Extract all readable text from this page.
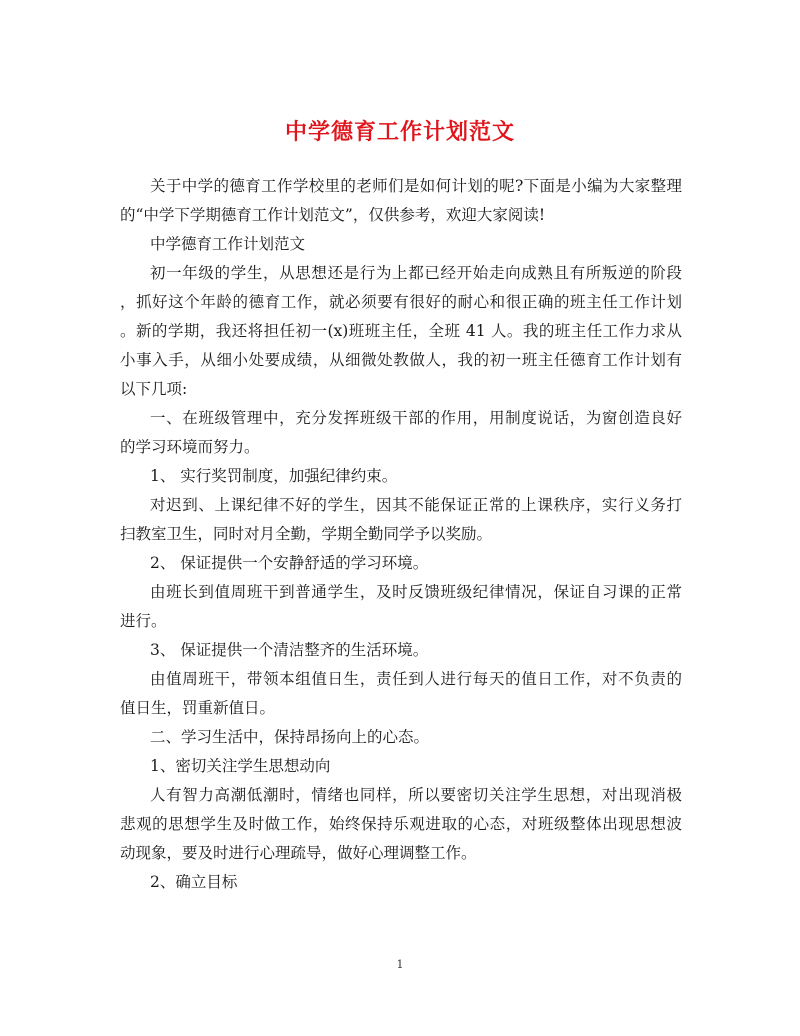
中学德育工作计划范文
关于中学的德育工作学校里的老师们是如何计划的呢?下面是小编为大家整理
的“中学下学期德育工作计划范文”，仅供参考，欢迎大家阅读!
中学德育工作计划范文
初一年级的学生，从思想还是行为上都已经开始走向成熟且有所叛逆的阶段
，抓好这个年龄的德育工作，就必须要有很好的耐心和很正确的班主任工作计划
。新的学期，我还将担任初一(x)班班主任，全班 41 人。我的班主任工作力求从
小事入手，从细小处要成绩，从细微处教做人，我的初一班主任德育工作计划有
以下几项:
一、在班级管理中，充分发挥班级干部的作用，用制度说话，为窗创造良好
的学习环境而努力。
1、 实行奖罚制度，加强纪律约束。
对迟到、上课纪律不好的学生，因其不能保证正常的上课秩序，实行义务打
扫教室卫生，同时对月全勤，学期全勤同学予以奖励。
2、 保证提供一个安静舒适的学习环境。
由班长到值周班干到普通学生，及时反馈班级纪律情况，保证自习课的正常
进行。
3、 保证提供一个清洁整齐的生活环境。
由值周班干，带领本组值日生，责任到人进行每天的值日工作，对不负责的
值日生，罚重新值日。
二、学习生活中，保持昂扬向上的心态。
1、密切关注学生思想动向
人有智力高潮低潮时，情绪也同样，所以要密切关注学生思想，对出现消极
悲观的思想学生及时做工作，始终保持乐观进取的心态，对班级整体出现思想波
动现象，要及时进行心理疏导，做好心理调整工作。
2、确立目标
1
